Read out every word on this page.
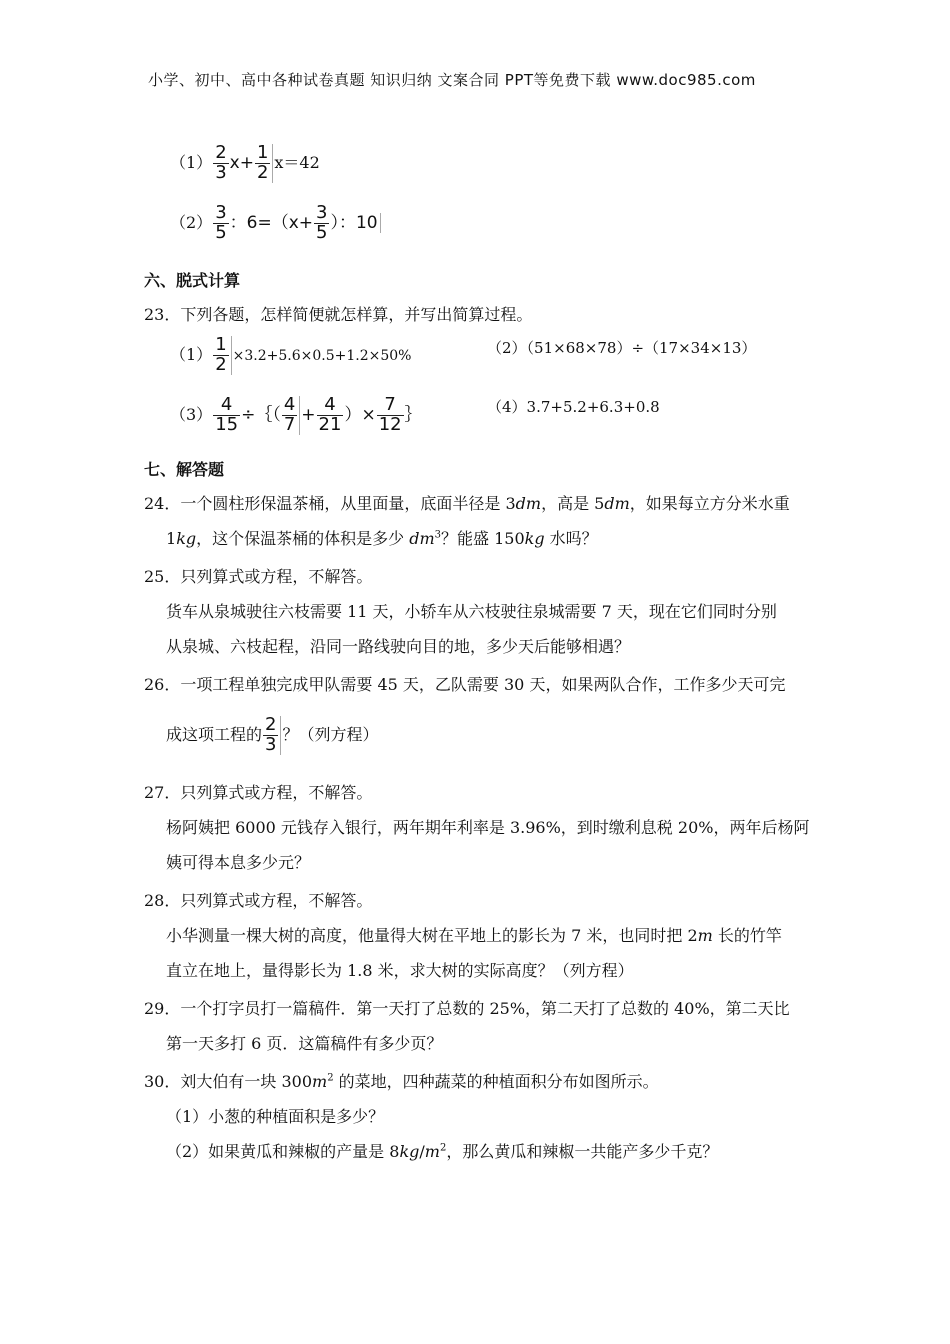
小学、初中、高中各种试卷真题 知识归纳 文案合同 PPT等免费下载 www.doc985.com
$(1) \frac{2}{3} x+ \frac{1}{2} x=42$
$(2) \frac{3}{5}$ ：$6=(x+ \frac{3}{5}$ ）：10
六、脱式计算
23．下列各题，怎样简便就怎样算，并写出简算过程。
$(1) \frac{1}{2} \times 3.2+5.6\times 0.5+1.2\times 50\%$	（2）（51×68×78）÷（17×34×13）
$(3) \frac{4}{15}$ ÷｛（ $\frac{4}{7} + \frac{4}{21}$ ）× $\frac{7}{12}$ ｝	（4）3.7+5.2+6.3+0.8
七、解答题
24．一个圆柱形保温茶桶，从里面量，底面半径是 3dm，高是 5dm，如果每立方分米水重
1kg，这个保温茶桶的体积是多少 $dm^3$？能盛 150kg 水吗？
25．只列算式或方程，不解答。
货车从泉城驶往六枝需要 11 天，小轿车从六枝驶往泉城需要 7 天，现在它们同时分别
从泉城、六枝起程，沿同一路线驶向目的地，多少天后能够相遇？
26．一项工程单独完成甲队需要 45 天，乙队需要 30 天，如果两队合作，工作多少天可完
成这项工程的 $\frac{2}{3}$ ？（列方程）
27．只列算式或方程，不解答。
杨阿姨把 6000 元钱存入银行，两年期年利率是 3.96%，到时缴利息税 20%，两年后杨阿
姨可得本息多少元？
28．只列算式或方程，不解答。
小华测量一棵大树的高度，他量得大树在平地上的影长为 7 米，也同时把 2m 长的竹竿
直立在地上，量得影长为 1.8 米，求大树的实际高度？（列方程）
29．一个打字员打一篇稿件．第一天打了总数的 25%，第二天打了总数的 40%，第二天比
第一天多打 6 页．这篇稿件有多少页？
30．刘大伯有一块 $300m^2$ 的菜地，四种蔬菜的种植面积分布如图所示。
（1）小葱的种植面积是多少？
（2）如果黄瓜和辣椒的产量是 $8kg/m^2$，那么黄瓜和辣椒一共能产多少千克？
